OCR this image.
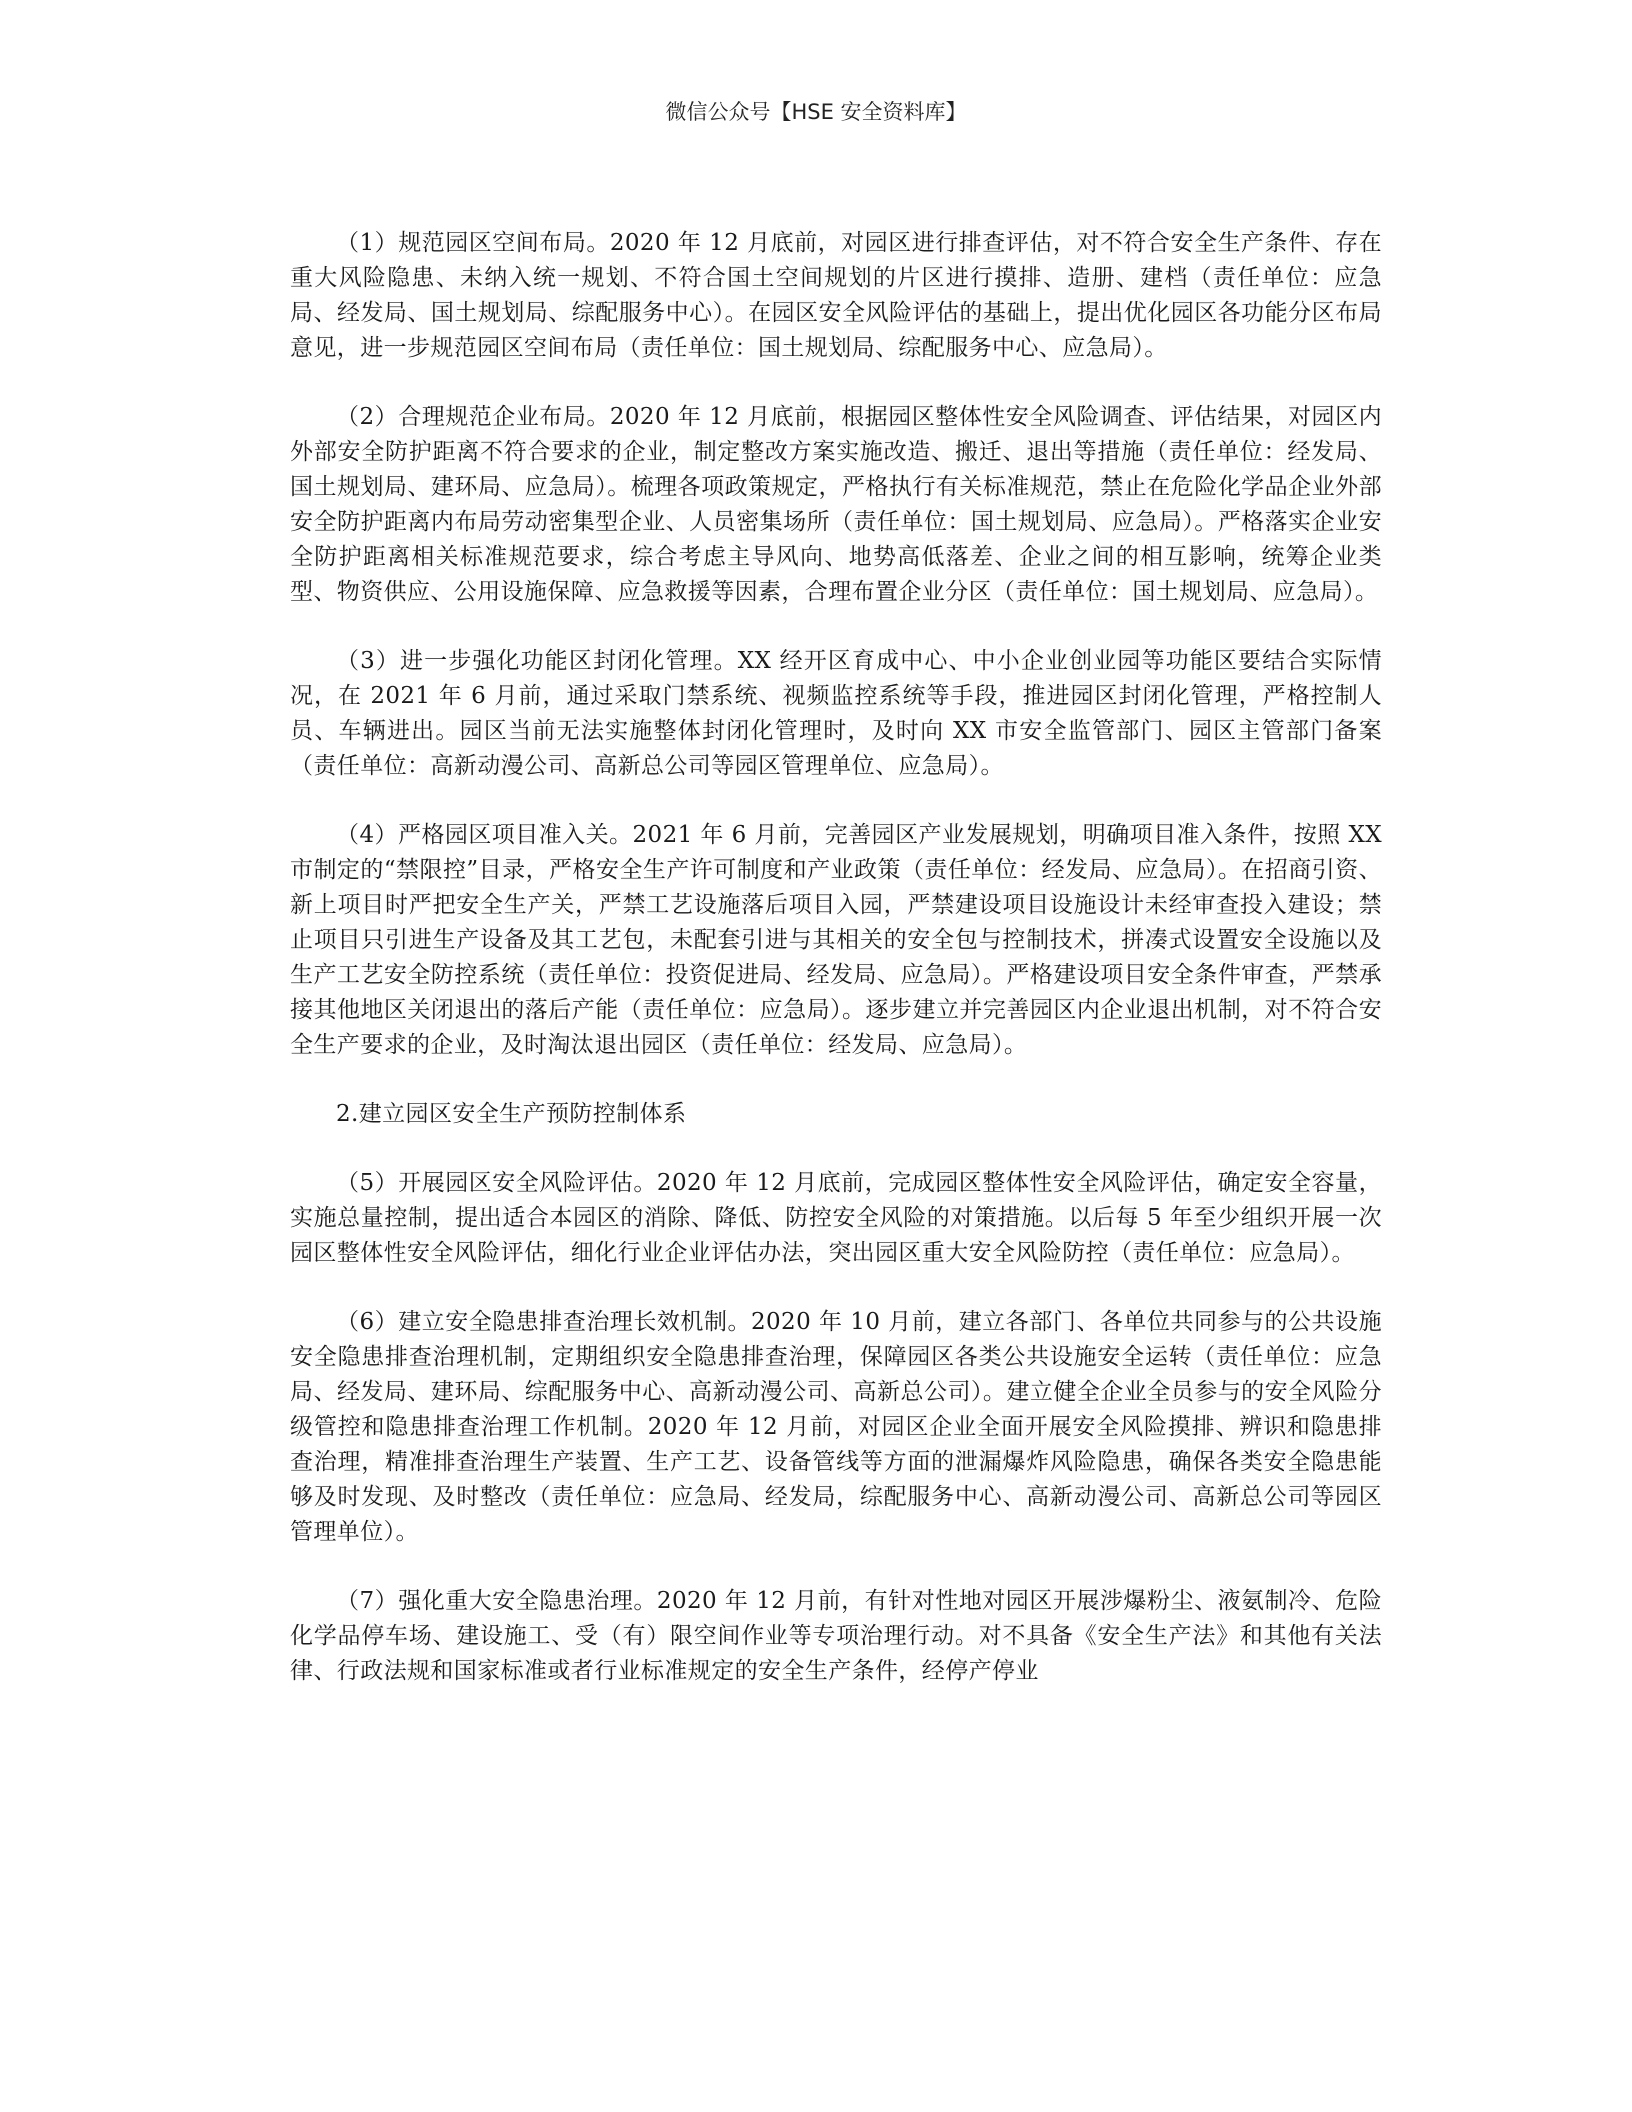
微信公众号【HSE 安全资料库】

（1）规范园区空间布局。2020 年 12 月底前，对园区进行排查评估，对不符合安全生产条件、存在重大风险隐患、未纳入统一规划、不符合国土空间规划的片区进行摸排、造册、建档（责任单位：应急局、经发局、国土规划局、综配服务中心）。在园区安全风险评估的基础上，提出优化园区各功能分区布局意见，进一步规范园区空间布局（责任单位：国土规划局、综配服务中心、应急局）。

（2）合理规范企业布局。2020 年 12 月底前，根据园区整体性安全风险调查、评估结果，对园区内外部安全防护距离不符合要求的企业，制定整改方案实施改造、搬迁、退出等措施（责任单位：经发局、国土规划局、建环局、应急局）。梳理各项政策规定，严格执行有关标准规范，禁止在危险化学品企业外部安全防护距离内布局劳动密集型企业、人员密集场所（责任单位：国土规划局、应急局）。严格落实企业安全防护距离相关标准规范要求，综合考虑主导风向、地势高低落差、企业之间的相互影响，统筹企业类型、物资供应、公用设施保障、应急救援等因素，合理布置企业分区（责任单位：国土规划局、应急局）。

（3）进一步强化功能区封闭化管理。XX 经开区育成中心、中小企业创业园等功能区要结合实际情况，在 2021 年 6 月前，通过采取门禁系统、视频监控系统等手段，推进园区封闭化管理，严格控制人员、车辆进出。园区当前无法实施整体封闭化管理时，及时向 XX 市安全监管部门、园区主管部门备案（责任单位：高新动漫公司、高新总公司等园区管理单位、应急局）。

（4）严格园区项目准入关。2021 年 6 月前，完善园区产业发展规划，明确项目准入条件，按照 XX 市制定的“禁限控”目录，严格安全生产许可制度和产业政策（责任单位：经发局、应急局）。在招商引资、新上项目时严把安全生产关，严禁工艺设施落后项目入园，严禁建设项目设施设计未经审查投入建设；禁止项目只引进生产设备及其工艺包，未配套引进与其相关的安全包与控制技术，拼凑式设置安全设施以及生产工艺安全防控系统（责任单位：投资促进局、经发局、应急局）。严格建设项目安全条件审查，严禁承接其他地区关闭退出的落后产能（责任单位：应急局）。逐步建立并完善园区内企业退出机制，对不符合安全生产要求的企业，及时淘汰退出园区（责任单位：经发局、应急局）。

2.建立园区安全生产预防控制体系

（5）开展园区安全风险评估。2020 年 12 月底前，完成园区整体性安全风险评估，确定安全容量，实施总量控制，提出适合本园区的消除、降低、防控安全风险的对策措施。以后每 5 年至少组织开展一次园区整体性安全风险评估，细化行业企业评估办法，突出园区重大安全风险防控（责任单位：应急局）。

（6）建立安全隐患排查治理长效机制。2020 年 10 月前，建立各部门、各单位共同参与的公共设施安全隐患排查治理机制，定期组织安全隐患排查治理，保障园区各类公共设施安全运转（责任单位：应急局、经发局、建环局、综配服务中心、高新动漫公司、高新总公司）。建立健全企业全员参与的安全风险分级管控和隐患排查治理工作机制。2020 年 12 月前，对园区企业全面开展安全风险摸排、辨识和隐患排查治理，精准排查治理生产装置、生产工艺、设备管线等方面的泄漏爆炸风险隐患，确保各类安全隐患能够及时发现、及时整改（责任单位：应急局、经发局，综配服务中心、高新动漫公司、高新总公司等园区管理单位）。

（7）强化重大安全隐患治理。2020 年 12 月前，有针对性地对园区开展涉爆粉尘、液氨制冷、危险化学品停车场、建设施工、受（有）限空间作业等专项治理行动。对不具备《安全生产法》和其他有关法律、行政法规和国家标准或者行业标准规定的安全生产条件，经停产停业
